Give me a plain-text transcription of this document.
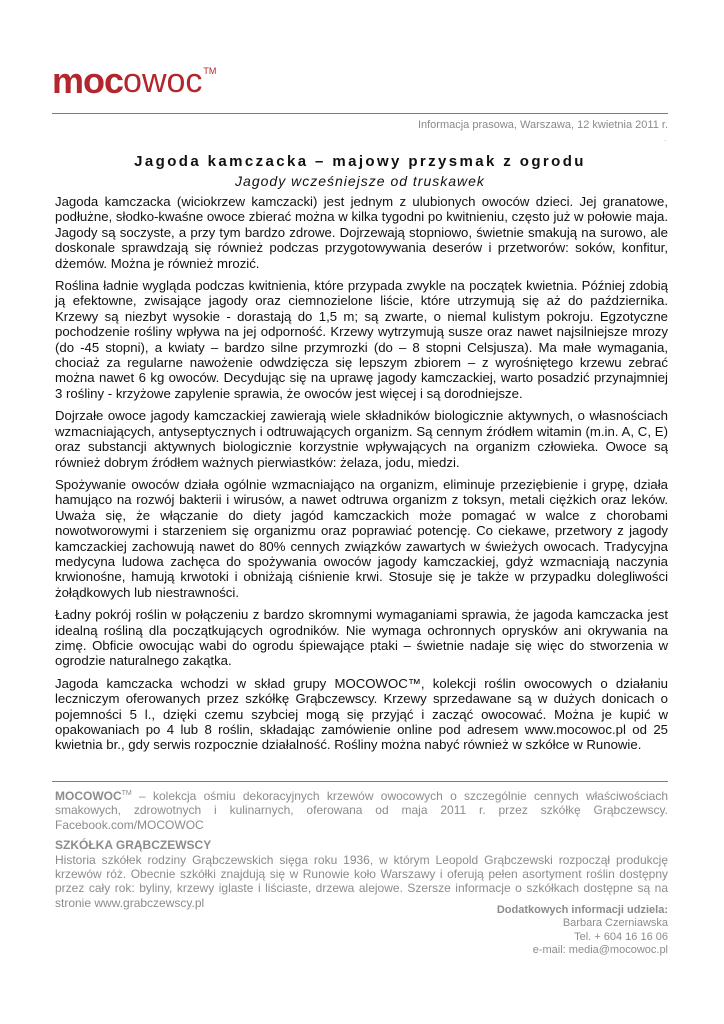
moc owoc TM
Informacja prasowa, Warszawa, 12 kwietnia 2011 r.
.
Jagoda kamczacka – majowy przysmak z ogrodu
Jagody wcześniejsze od truskawek

Jagoda kamczacka (wiciokrzew kamczacki) jest jednym z ulubionych owoców dzieci. Jej granatowe, podłużne, słodko-kwaśne owoce zbierać można w kilka tygodni po kwitnieniu, często już w połowie maja. Jagody są soczyste, a przy tym bardzo zdrowe. Dojrzewają stopniowo, świetnie smakują na surowo, ale doskonale sprawdzają się również podczas przygotowywania deserów i przetworów: soków, konfitur, dżemów. Można je również mrozić.

Roślina ładnie wygląda podczas kwitnienia, które przypada zwykle na początek kwietnia. Później zdobią ją efektowne, zwisające jagody oraz ciemnozielone liście, które utrzymują się aż do października. Krzewy są niezbyt wysokie - dorastają do 1,5 m; są zwarte, o niemal kulistym pokroju. Egzotyczne pochodzenie rośliny wpływa na jej odporność. Krzewy wytrzymują susze oraz nawet najsilniejsze mrozy (do -45 stopni), a kwiaty – bardzo silne przymrozki (do – 8 stopni Celsjusza). Ma małe wymagania, chociaż za regularne nawożenie odwdzięcza się lepszym zbiorem – z wyrośniętego krzewu zebrać można nawet 6 kg owoców. Decydując się na uprawę jagody kamczackiej, warto posadzić przynajmniej 3 rośliny - krzyżowe zapylenie sprawia, że owoców jest więcej i są dorodniejsze.

Dojrzałe owoce jagody kamczackiej zawierają wiele składników biologicznie aktywnych, o własnościach wzmacniających, antyseptycznych i odtruwających organizm. Są cennym źródłem witamin (m.in. A, C, E) oraz substancji aktywnych biologicznie korzystnie wpływających na organizm człowieka. Owoce są również dobrym źródłem ważnych pierwiastków: żelaza, jodu, miedzi.

Spożywanie owoców działa ogólnie wzmacniająco na organizm, eliminuje przeziębienie i grypę, działa hamująco na rozwój bakterii i wirusów, a nawet odtruwa organizm z toksyn, metali ciężkich oraz leków. Uważa się, że włączanie do diety jagód kamczackich może pomagać w walce z chorobami nowotworowymi i starzeniem się organizmu oraz poprawiać potencję. Co ciekawe, przetwory z jagody kamczackiej zachowują nawet do 80% cennych związków zawartych w świeżych owocach. Tradycyjna medycyna ludowa zachęca do spożywania owoców jagody kamczackiej, gdyż wzmacniają naczynia krwionośne, hamują krwotoki i obniżają ciśnienie krwi. Stosuje się je także w przypadku dolegliwości żołądkowych lub niestrawności.

Ładny pokrój roślin w połączeniu z bardzo skromnymi wymaganiami sprawia, że jagoda kamczacka jest idealną rośliną dla początkujących ogrodników. Nie wymaga ochronnych oprysków ani okrywania na zimę. Obficie owocując wabi do ogrodu śpiewające ptaki – świetnie nadaje się więc do stworzenia w ogrodzie naturalnego zakątka.

Jagoda kamczacka wchodzi w skład grupy MOCOWOC™, kolekcji roślin owocowych o działaniu leczniczym oferowanych przez szkółkę Grąbczewscy. Krzewy sprzedawane są w dużych donicach o pojemności 5 l., dzięki czemu szybciej mogą się przyjąć i zacząć owocować. Można je kupić w opakowaniach po 4 lub 8 roślin, składając zamówienie online pod adresem www.mocowoc.pl od 25 kwietnia br., gdy serwis rozpocznie działalność. Rośliny można nabyć również w szkółce w Runowie.

MOCOWOC™ – kolekcja ośmiu dekoracyjnych krzewów owocowych o szczególnie cennych właściwościach smakowych, zdrowotnych i kulinarnych, oferowana od maja 2011 r. przez szkółkę Grąbczewscy. Facebook.com/MOCOWOC

SZKÓŁKA GRĄBCZEWSCY
Historia szkółek rodziny Grąbczewskich sięga roku 1936, w którym Leopold Grąbczewski rozpoczął produkcję krzewów róż. Obecnie szkółki znajdują się w Runowie koło Warszawy i oferują pełen asortyment roślin dostępny przez cały rok: byliny, krzewy iglaste i liściaste, drzewa alejowe. Szersze informacje o szkółkach dostępne są na stronie www.grabczewscy.pl

Dodatkowych informacji udziela:
Barbara Czerniawska
Tel. + 604 16 16 06
e-mail: media@mocowoc.pl
